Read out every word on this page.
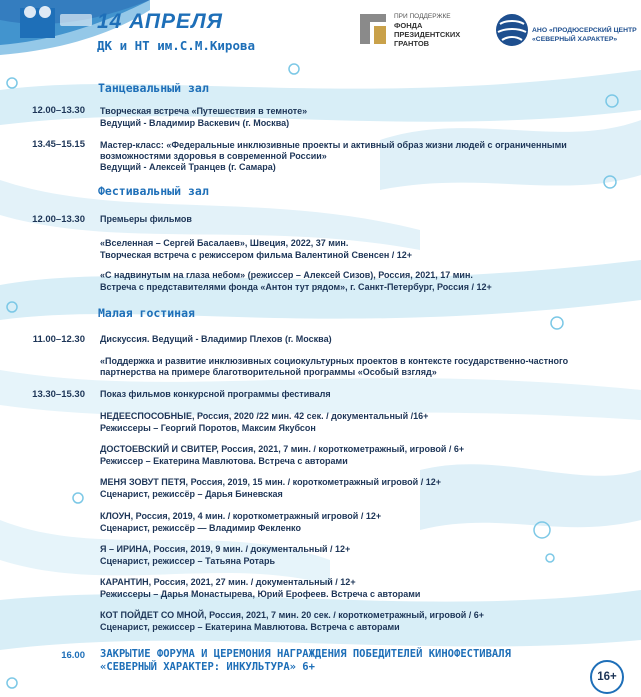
14 АПРЕЛЯ
ДК и НТ им.С.М.Кирова
ПРИ ПОДДЕРЖКЕ
ФОНДА
ПРЕЗИДЕНТСКИХ
ГРАНТОВ
АНО «ПРОДЮСЕРСКИЙ ЦЕНТР
«СЕВЕРНЫЙ ХАРАКТЕР»
Танцевальный зал
12.00–13.30 Творческая встреча «Путешествия в темноте»
Ведущий - Владимир Васкевич (г. Москва)
13.45–15.15 Мастер-класс: «Федеральные инклюзивные проекты и активный образ жизни людей с ограниченными возможностями здоровья в современной России»
Ведущий - Алексей Транцев (г. Самара)
Фестивальный зал
12.00–13.30 Премьеры фильмов
«Вселенная – Сергей Басалаев», Швеция, 2022, 37 мин.
Творческая встреча с режиссером фильма Валентиной Свенсен / 12+
«С надвинутым на глаза небом» (режиссер – Алексей Сизов), Россия, 2021, 17 мин.
Встреча с представителями фонда «Антон тут рядом», г. Санкт-Петербург, Россия / 12+
Малая гостиная
11.00–12.30 Дискуссия. Ведущий - Владимир Плехов (г. Москва)
«Поддержка и развитие инклюзивных социокультурных проектов в контексте государственно-частного партнерства на примере благотворительной программы «Особый взгляд»
13.30–15.30 Показ фильмов конкурсной программы фестиваля
НЕДЕЕСПОСОБНЫЕ, Россия, 2020 /22 мин. 42 сек. / документальный /16+
Режиссеры – Георгий Поротов, Максим Якубсон
ДОСТОЕВСКИЙ И СВИТЕР, Россия, 2021, 7 мин. / короткометражный, игровой / 6+
Режиссер – Екатерина Мавлютова. Встреча с авторами
МЕНЯ ЗОВУТ ПЕТЯ, Россия, 2019, 15 мин. / короткометражный игровой / 12+
Сценарист, режиссёр – Дарья Биневская
КЛОУН, Россия, 2019, 4 мин. / короткометражный игровой / 12+
Сценарист, режиссёр — Владимир Фекленко
Я – ИРИНА, Россия, 2019, 9 мин. / документальный / 12+
Сценарист, режиссер – Татьяна Ротарь
КАРАНТИН, Россия, 2021, 27 мин. / документальный / 12+
Режиссеры – Дарья Монастырева, Юрий Ерофеев. Встреча с авторами
КОТ ПОЙДЕТ СО МНОЙ, Россия, 2021, 7 мин. 20 сек. / короткометражный, игровой / 6+
Сценарист, режиссер – Екатерина Мавлютова. Встреча с авторами
16.00 ЗАКРЫТИЕ ФОРУМА И ЦЕРЕМОНИЯ НАГРАЖДЕНИЯ ПОБЕДИТЕЛЕЙ КИНОФЕСТИВАЛЯ
«СЕВЕРНЫЙ ХАРАКТЕР: ИНКУЛЬТУРА» 6+
16+
